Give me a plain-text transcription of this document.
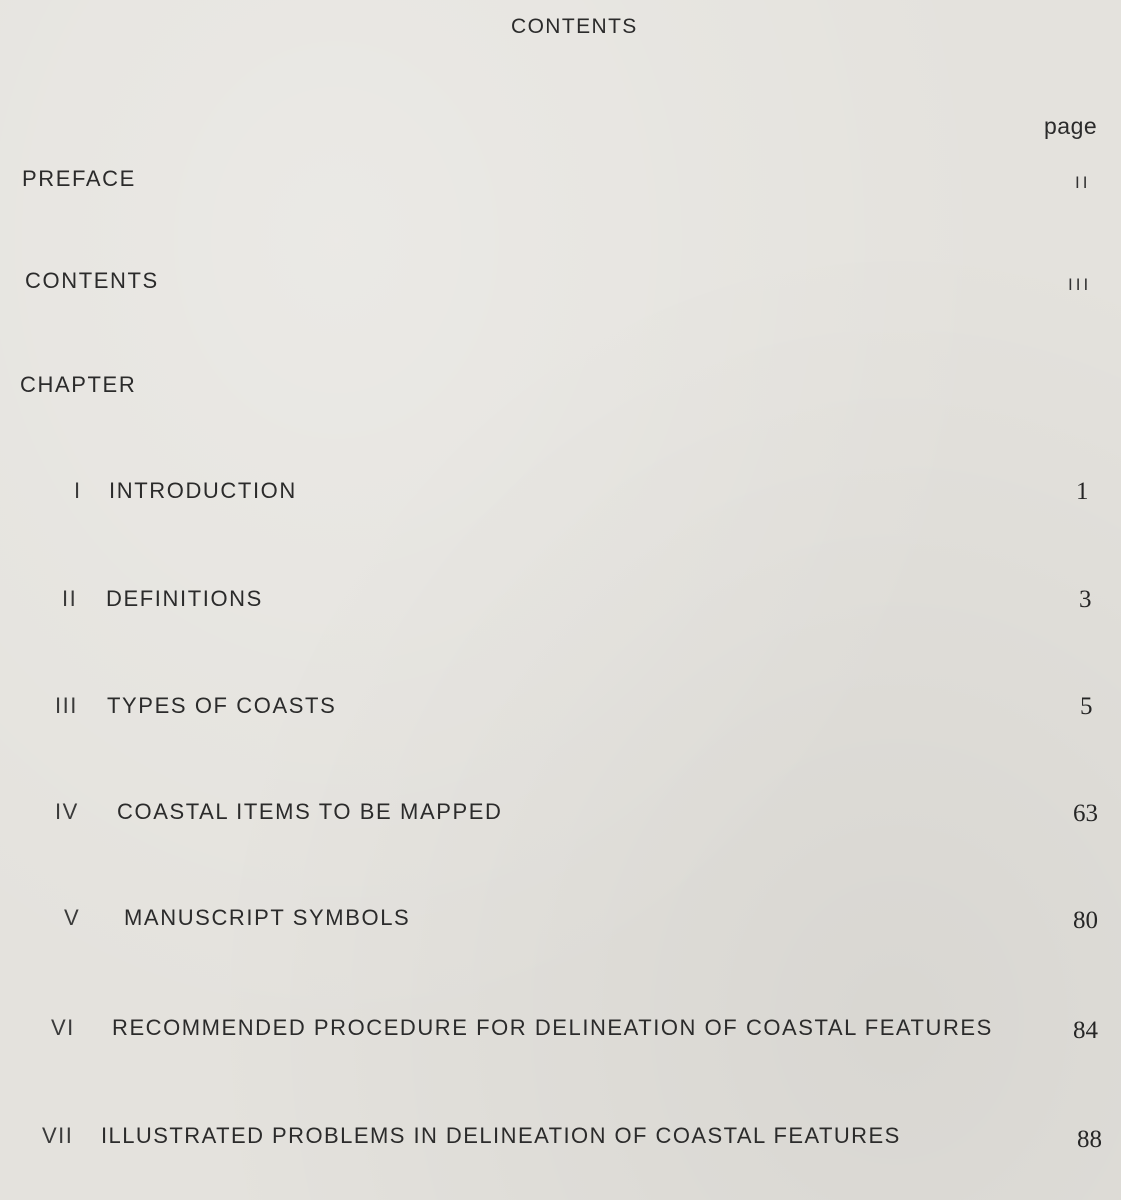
CONTENTS
page
PREFACE	II
CONTENTS	III
CHAPTER
I INTRODUCTION	1
II DEFINITIONS	3
III TYPES OF COASTS	5
IV COASTAL ITEMS TO BE MAPPED	63
V MANUSCRIPT SYMBOLS	80
VI RECOMMENDED PROCEDURE FOR DELINEATION OF COASTAL FEATURES	84
VII ILLUSTRATED PROBLEMS IN DELINEATION OF COASTAL FEATURES	88
